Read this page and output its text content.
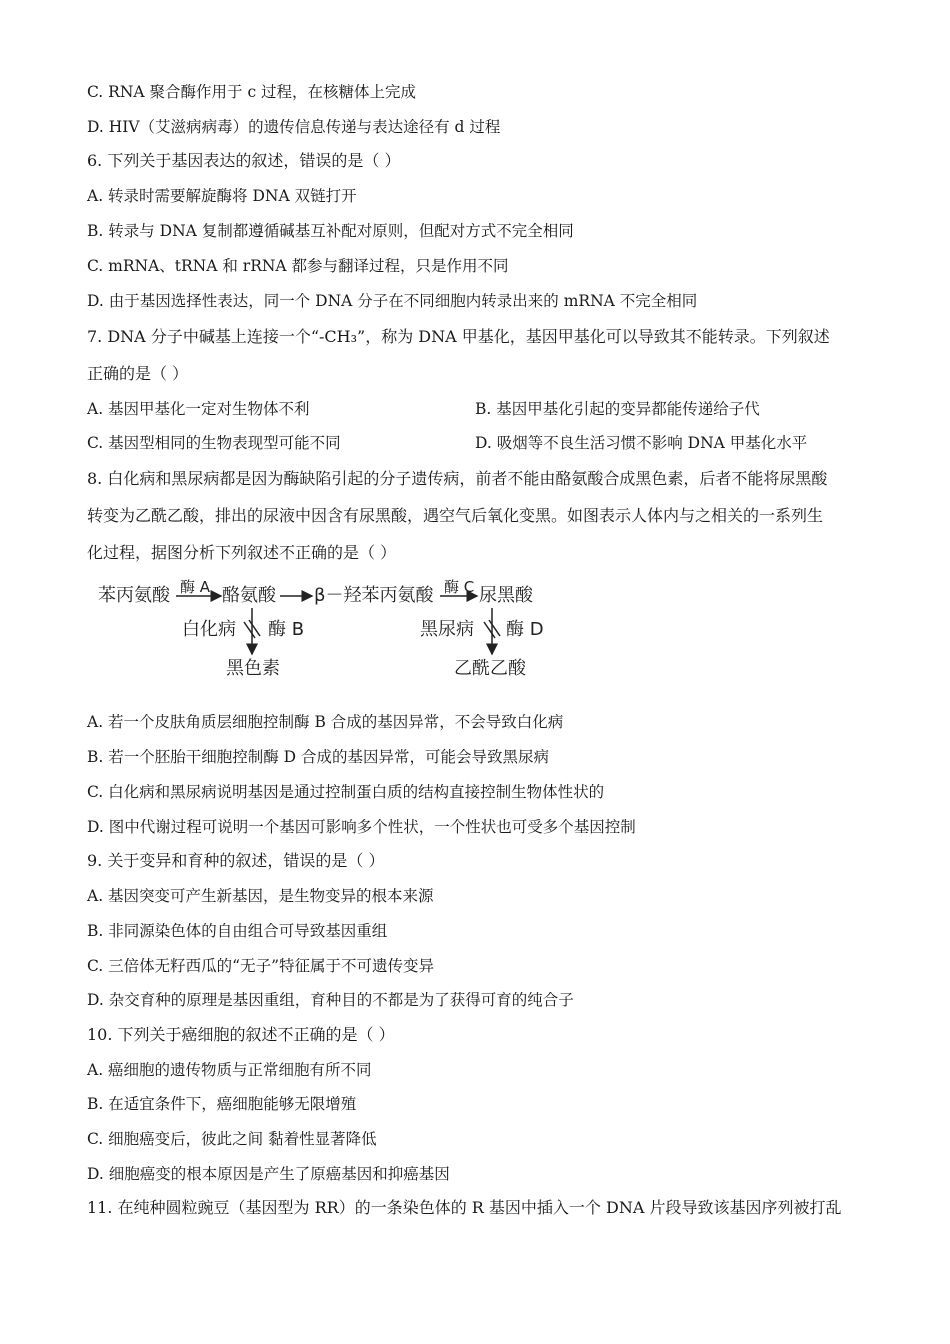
C. RNA 聚合酶作用于 c 过程，在核糖体上完成
D. HIV（艾滋病病毒）的遗传信息传递与表达途径有 d 过程
6. 下列关于基因表达的叙述，错误的是（ ）
A. 转录时需要解旋酶将 DNA 双链打开
B. 转录与 DNA 复制都遵循碱基互补配对原则，但配对方式不完全相同
C. mRNA、tRNA 和 rRNA 都参与翻译过程，只是作用不同
D. 由于基因选择性表达，同一个 DNA 分子在不同细胞内转录出来的 mRNA 不完全相同
7. DNA 分子中碱基上连接一个“-CH₃”，称为 DNA 甲基化，基因甲基化可以导致其不能转录。下列叙述
正确的是（ ）
A. 基因甲基化一定对生物体不利	B. 基因甲基化引起的变异都能传递给子代
C. 基因型相同的生物表现型可能不同	D. 吸烟等不良生活习惯不影响 DNA 甲基化水平
8. 白化病和黑尿病都是因为酶缺陷引起的分子遗传病，前者不能由酪氨酸合成黑色素，后者不能将尿黑酸
转变为乙酰乙酸，排出的尿液中因含有尿黑酸，遇空气后氧化变黑。如图表示人体内与之相关的一系列生
化过程，据图分析下列叙述不正确的是（ ）
苯丙氨酸 酶 A 酪氨酸 β－羟苯丙氨酸 酶 C 尿黑酸
白化病 酶 B
黑色素
黑尿病 酶 D
乙酰乙酸
A. 若一个皮肤角质层细胞控制酶 B 合成的基因异常，不会导致白化病
B. 若一个胚胎干细胞控制酶 D 合成的基因异常，可能会导致黑尿病
C. 白化病和黑尿病说明基因是通过控制蛋白质的结构直接控制生物体性状的
D. 图中代谢过程可说明一个基因可影响多个性状，一个性状也可受多个基因控制
9. 关于变异和育种的叙述，错误的是（ ）
A. 基因突变可产生新基因，是生物变异的根本来源
B. 非同源染色体的自由组合可导致基因重组
C. 三倍体无籽西瓜的“无子”特征属于不可遗传变异
D. 杂交育种的原理是基因重组，育种目的不都是为了获得可育的纯合子
10. 下列关于癌细胞的叙述不正确的是（ ）
A. 癌细胞的遗传物质与正常细胞有所不同
B. 在适宜条件下，癌细胞能够无限增殖
C. 细胞癌变后，彼此之间 黏着性显著降低
D. 细胞癌变的根本原因是产生了原癌基因和抑癌基因
11. 在纯种圆粒豌豆（基因型为 RR）的一条染色体的 R 基因中插入一个 DNA 片段导致该基因序列被打乱
